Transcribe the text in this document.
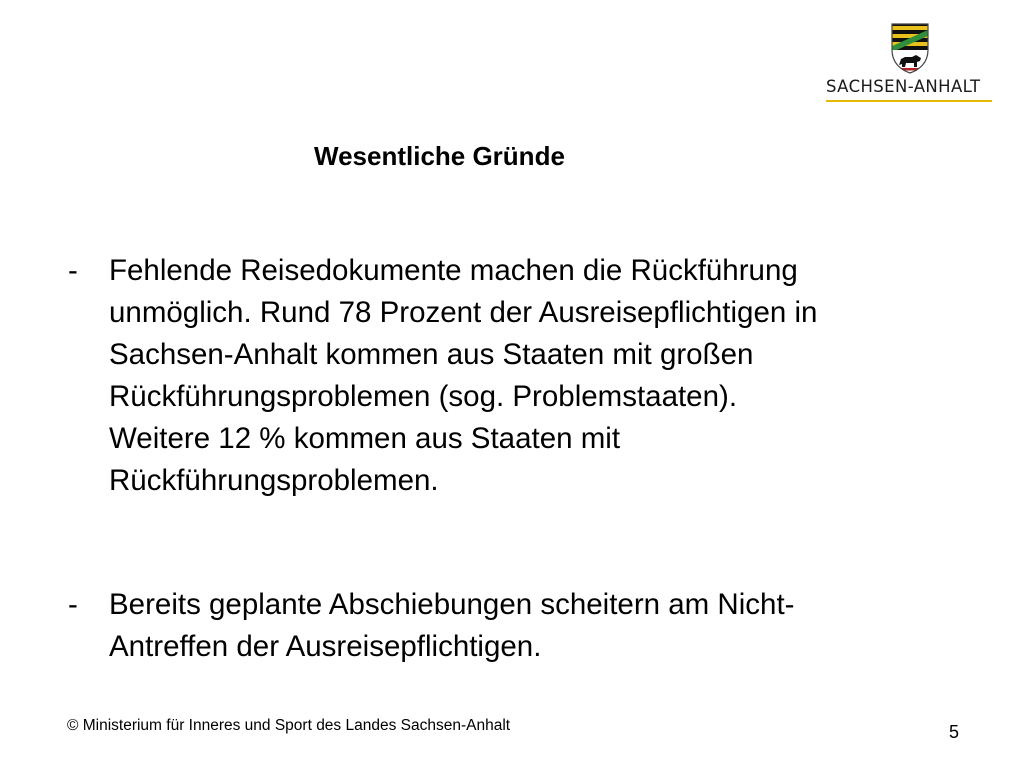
SACHSEN-ANHALT
Wesentliche Gründe
-	Fehlende Reisedokumente machen die Rückführung
unmöglich. Rund 78 Prozent der Ausreisepflichtigen in
Sachsen-Anhalt kommen aus Staaten mit großen
Rückführungsproblemen (sog. Problemstaaten).
Weitere 12 % kommen aus Staaten mit
Rückführungsproblemen.
-	Bereits geplante Abschiebungen scheitern am Nicht-
Antreffen der Ausreisepflichtigen.
© Ministerium für Inneres und Sport des Landes Sachsen-Anhalt	5
